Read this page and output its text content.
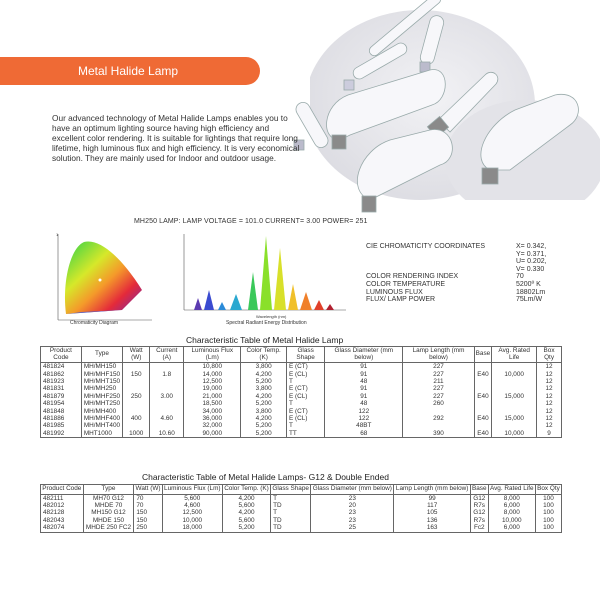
Metal Halide Lamp

Our advanced technology of Metal Halide Lamps enables you to have an optimum lighting source having high efficiency and excellent color rendering. It is suitable for lightings that require long lifetime, high luminous flux and high efficiency. It is very economical solution. They are mainly used for Indoor and outdoor usage.

MH250 LAMP: LAMP VOLTAGE = 101.0 CURRENT= 3.00 POWER= 251
1
Chromaticity Diagram
Wavelength (nm)
Spectral Radiant Energy Distribution
CIE CHROMATICITY COORDINATES	X= 0.342,
Y= 0.371,
U= 0.202,
V= 0.330
COLOR RENDERING INDEX	70
COLOR TEMPERATURE	5200º K
LUMINOUS FLUX	18802Lm
FLUX/ LAMP POWER	75Lm/W
Characteristic Table of Metal Halide Lamp
Product Code	Type	Watt (W)	Current (A)	Luminous Flux (Lm)	Color Temp. (K)	Glass Shape	Glass Diameter (mm below)	Lamp Length (mm below)	Base	Avg. Rated Life	Box Qty
481824	MH/MH150	150	1.8	10,800	3,800	E (CT)	91	227	E40	10,000	12
481862	MH/MHF150			14,000	4,200	E (CL)	91	227			12
481923	MH/MHT150			12,500	5,200	T	48	211			12
481831	MH/MH250	250	3.00	19,000	3,800	E (CT)	91	227	E40	15,000	12
481879	MH/MHF250			21,000	4,200	E (CL)	91	227			12
481954	MH/MHT250			18,500	5,200	T	48	260			12
481848	MH/MH400	400	4.60	34,000	3,800	E (CT)	122	292	E40	15,000	12
481886	MH/MHF400			36,000	4,200	E (CL)	122				12
481985	MH/MHT400			32,000	5,200	T	48BT				12
481992	MHT1000	1000	10.60	90,000	5,200	TT	68	390	E40	10,000	9
Characteristic Table of Metal Halide Lamps- G12 & Double Ended
Product Code	Type	Watt (W)	Luminous Flux (Lm)	Color Temp. (K)	Glass Shape	Glass Diameter (mm below)	Lamp Length (mm below)	Base	Avg. Rated Life	Box Qty
482111	MH70 G12	70	5,600	4,200	T	23	99	G12	8,000	100
482012	MHDE 70	70	4,600	5,600	TD	20	117	R7s	6,000	100
482128	MH150 G12	150	12,500	4,200	T	23	105	G12	8,000	100
482043	MHDE 150	150	10,000	5,600	TD	23	136	R7s	10,000	100
482074	MHDE 250 FC2	250	18,000	5,200	TD	25	163	Fc2	6,000	100
